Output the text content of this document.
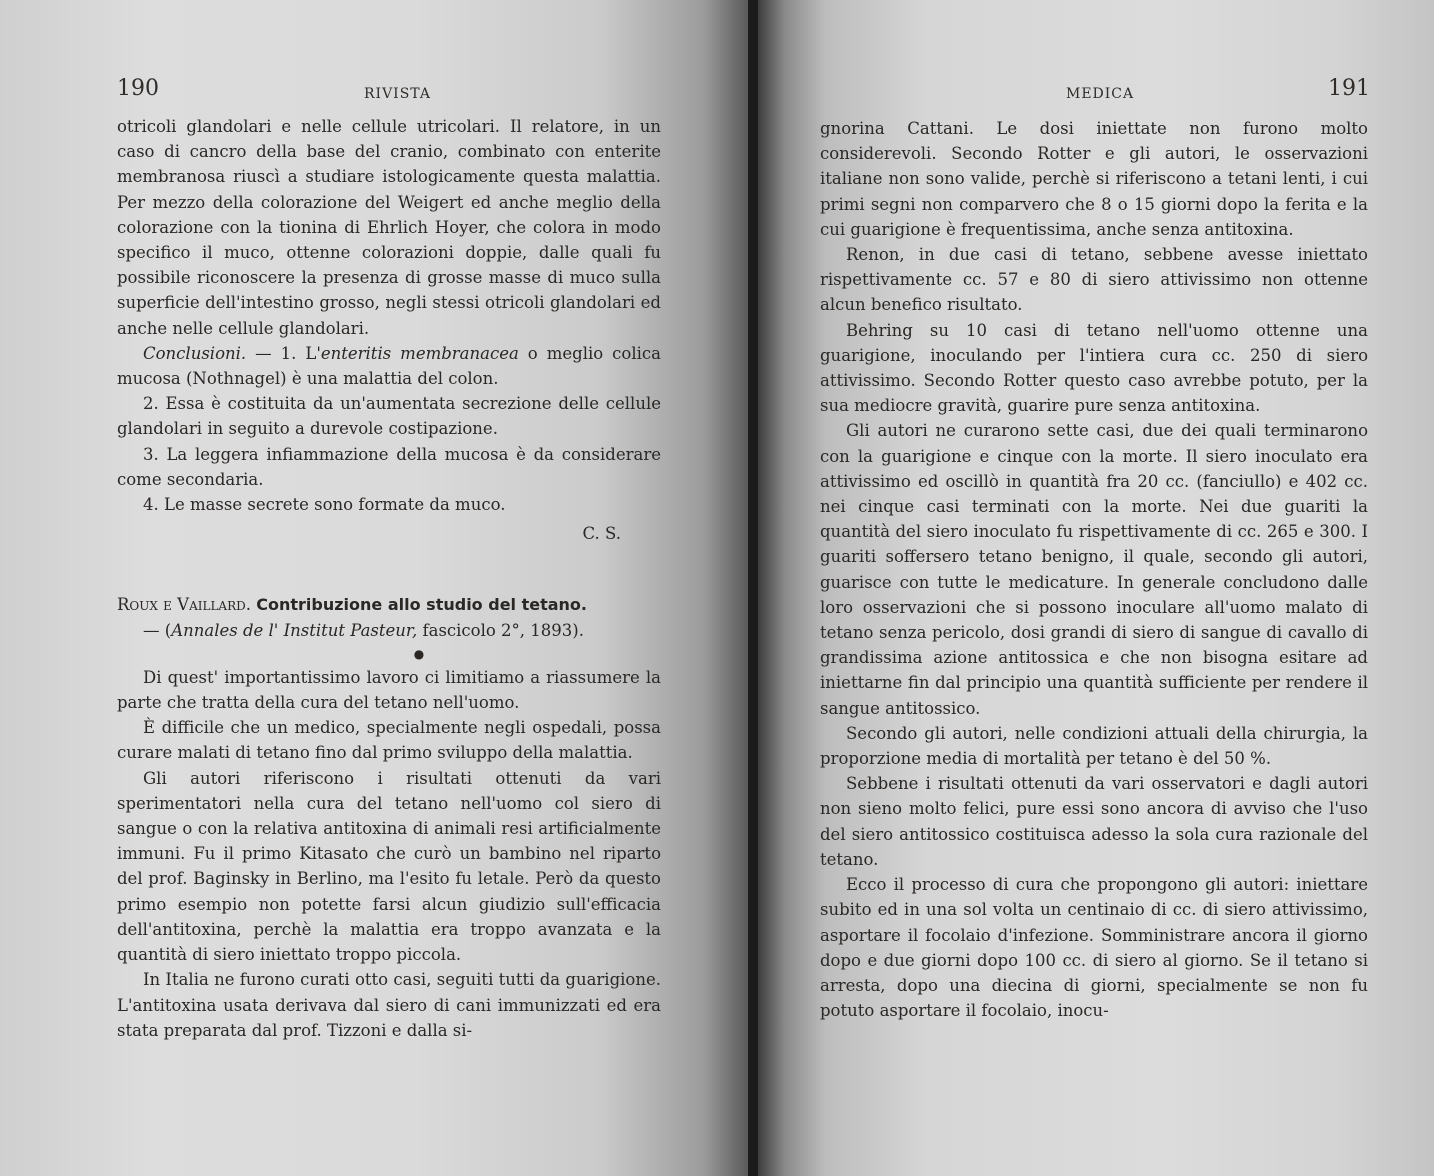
190	RIVISTA

otricoli glandolari e nelle cellule utricolari. Il relatore, in un caso di cancro della base del cranio, combinato con enterite membranosa riuscì a studiare istologicamente questa malattia. Per mezzo della colorazione del Weigert ed anche meglio della colorazione con la tionina di Ehrlich Hoyer, che colora in modo specifico il muco, ottenne colorazioni doppie, dalle quali fu possibile riconoscere la presenza di grosse masse di muco sulla superficie dell'intestino grosso, negli stessi otricoli glandolari ed anche nelle cellule glandolari.

Conclusioni. — 1. L'enteritis membranacea o meglio colica mucosa (Nothnagel) è una malattia del colon.

2. Essa è costituita da un'aumentata secrezione delle cellule glandolari in seguito a durevole costipazione.

3. La leggera infiammazione della mucosa è da considerare come secondaria.

4. Le masse secrete sono formate da muco.

C. S.

Roux e Vaillard. Contribuzione allo studio del tetano.

— (Annales de l' Institut Pasteur, fascicolo 2°, 1893).

●

Di quest' importantissimo lavoro ci limitiamo a riassumere la parte che tratta della cura del tetano nell'uomo.

È difficile che un medico, specialmente negli ospedali, possa curare malati di tetano fino dal primo sviluppo della malattia.

Gli autori riferiscono i risultati ottenuti da vari sperimentatori nella cura del tetano nell'uomo col siero di sangue o con la relativa antitoxina di animali resi artificialmente immuni. Fu il primo Kitasato che curò un bambino nel riparto del prof. Baginsky in Berlino, ma l'esito fu letale. Però da questo primo esempio non potette farsi alcun giudizio sull'efficacia dell'antitoxina, perchè la malattia era troppo avanzata e la quantità di siero iniettato troppo piccola.

In Italia ne furono curati otto casi, seguiti tutti da guarigione. L'antitoxina usata derivava dal siero di cani immunizzati ed era stata preparata dal prof. Tizzoni e dalla si-

MEDICA	191

gnorina Cattani. Le dosi iniettate non furono molto considerevoli. Secondo Rotter e gli autori, le osservazioni italiane non sono valide, perchè si riferiscono a tetani lenti, i cui primi segni non comparvero che 8 o 15 giorni dopo la ferita e la cui guarigione è frequentissima, anche senza antitoxina.

Renon, in due casi di tetano, sebbene avesse iniettato rispettivamente cc. 57 e 80 di siero attivissimo non ottenne alcun benefico risultato.

Behring su 10 casi di tetano nell'uomo ottenne una guarigione, inoculando per l'intiera cura cc. 250 di siero attivissimo. Secondo Rotter questo caso avrebbe potuto, per la sua mediocre gravità, guarire pure senza antitoxina.

Gli autori ne curarono sette casi, due dei quali terminarono con la guarigione e cinque con la morte. Il siero inoculato era attivissimo ed oscillò in quantità fra 20 cc. (fanciullo) e 402 cc. nei cinque casi terminati con la morte. Nei due guariti la quantità del siero inoculato fu rispettivamente di cc. 265 e 300. I guariti soffersero tetano benigno, il quale, secondo gli autori, guarisce con tutte le medicature. In generale concludono dalle loro osservazioni che si possono inoculare all'uomo malato di tetano senza pericolo, dosi grandi di siero di sangue di cavallo di grandissima azione antitossica e che non bisogna esitare ad iniettarne fin dal principio una quantità sufficiente per rendere il sangue antitossico.

Secondo gli autori, nelle condizioni attuali della chirurgia, la proporzione media di mortalità per tetano è del 50 %.

Sebbene i risultati ottenuti da vari osservatori e dagli autori non sieno molto felici, pure essi sono ancora di avviso che l'uso del siero antitossico costituisca adesso la sola cura razionale del tetano.

Ecco il processo di cura che propongono gli autori: iniettare subito ed in una sol volta un centinaio di cc. di siero attivissimo, asportare il focolaio d'infezione. Somministrare ancora il giorno dopo e due giorni dopo 100 cc. di siero al giorno. Se il tetano si arresta, dopo una diecina di giorni, specialmente se non fu potuto asportare il focolaio, inocu-
